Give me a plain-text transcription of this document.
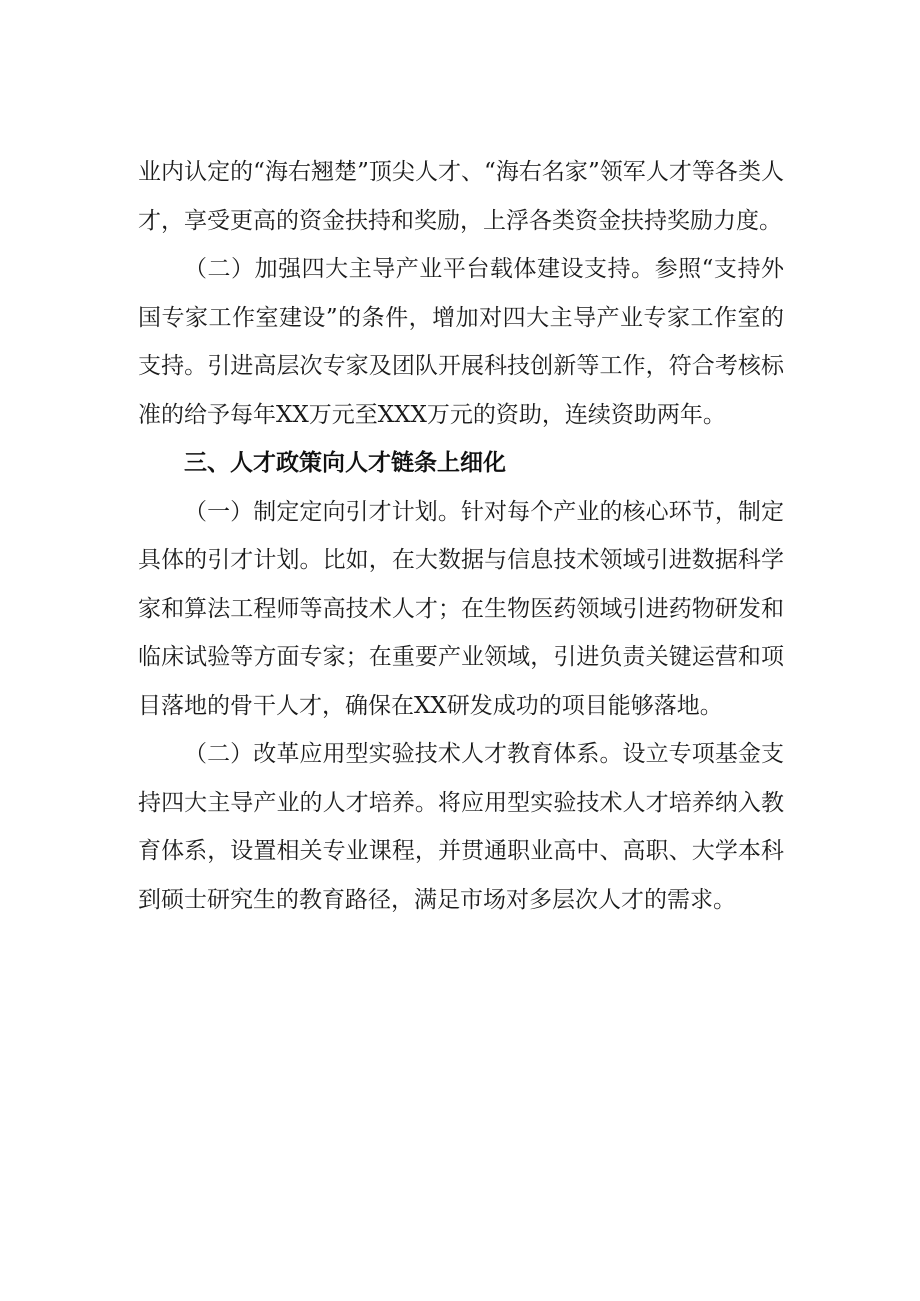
业内认定的“海右翘楚”顶尖人才、“海右名家”领军人才等各类人才，享受更高的资金扶持和奖励，上浮各类资金扶持奖励力度。

（二）加强四大主导产业平台载体建设支持。参照“支持外国专家工作室建设”的条件，增加对四大主导产业专家工作室的支持。引进高层次专家及团队开展科技创新等工作，符合考核标准的给予每年XX万元至XXX万元的资助，连续资助两年。

三、人才政策向人才链条上细化

（一）制定定向引才计划。针对每个产业的核心环节，制定具体的引才计划。比如，在大数据与信息技术领域引进数据科学家和算法工程师等高技术人才；在生物医药领域引进药物研发和临床试验等方面专家；在重要产业领域，引进负责关键运营和项目落地的骨干人才，确保在XX研发成功的项目能够落地。

（二）改革应用型实验技术人才教育体系。设立专项基金支持四大主导产业的人才培养。将应用型实验技术人才培养纳入教育体系，设置相关专业课程，并贯通职业高中、高职、大学本科到硕士研究生的教育路径，满足市场对多层次人才的需求。
